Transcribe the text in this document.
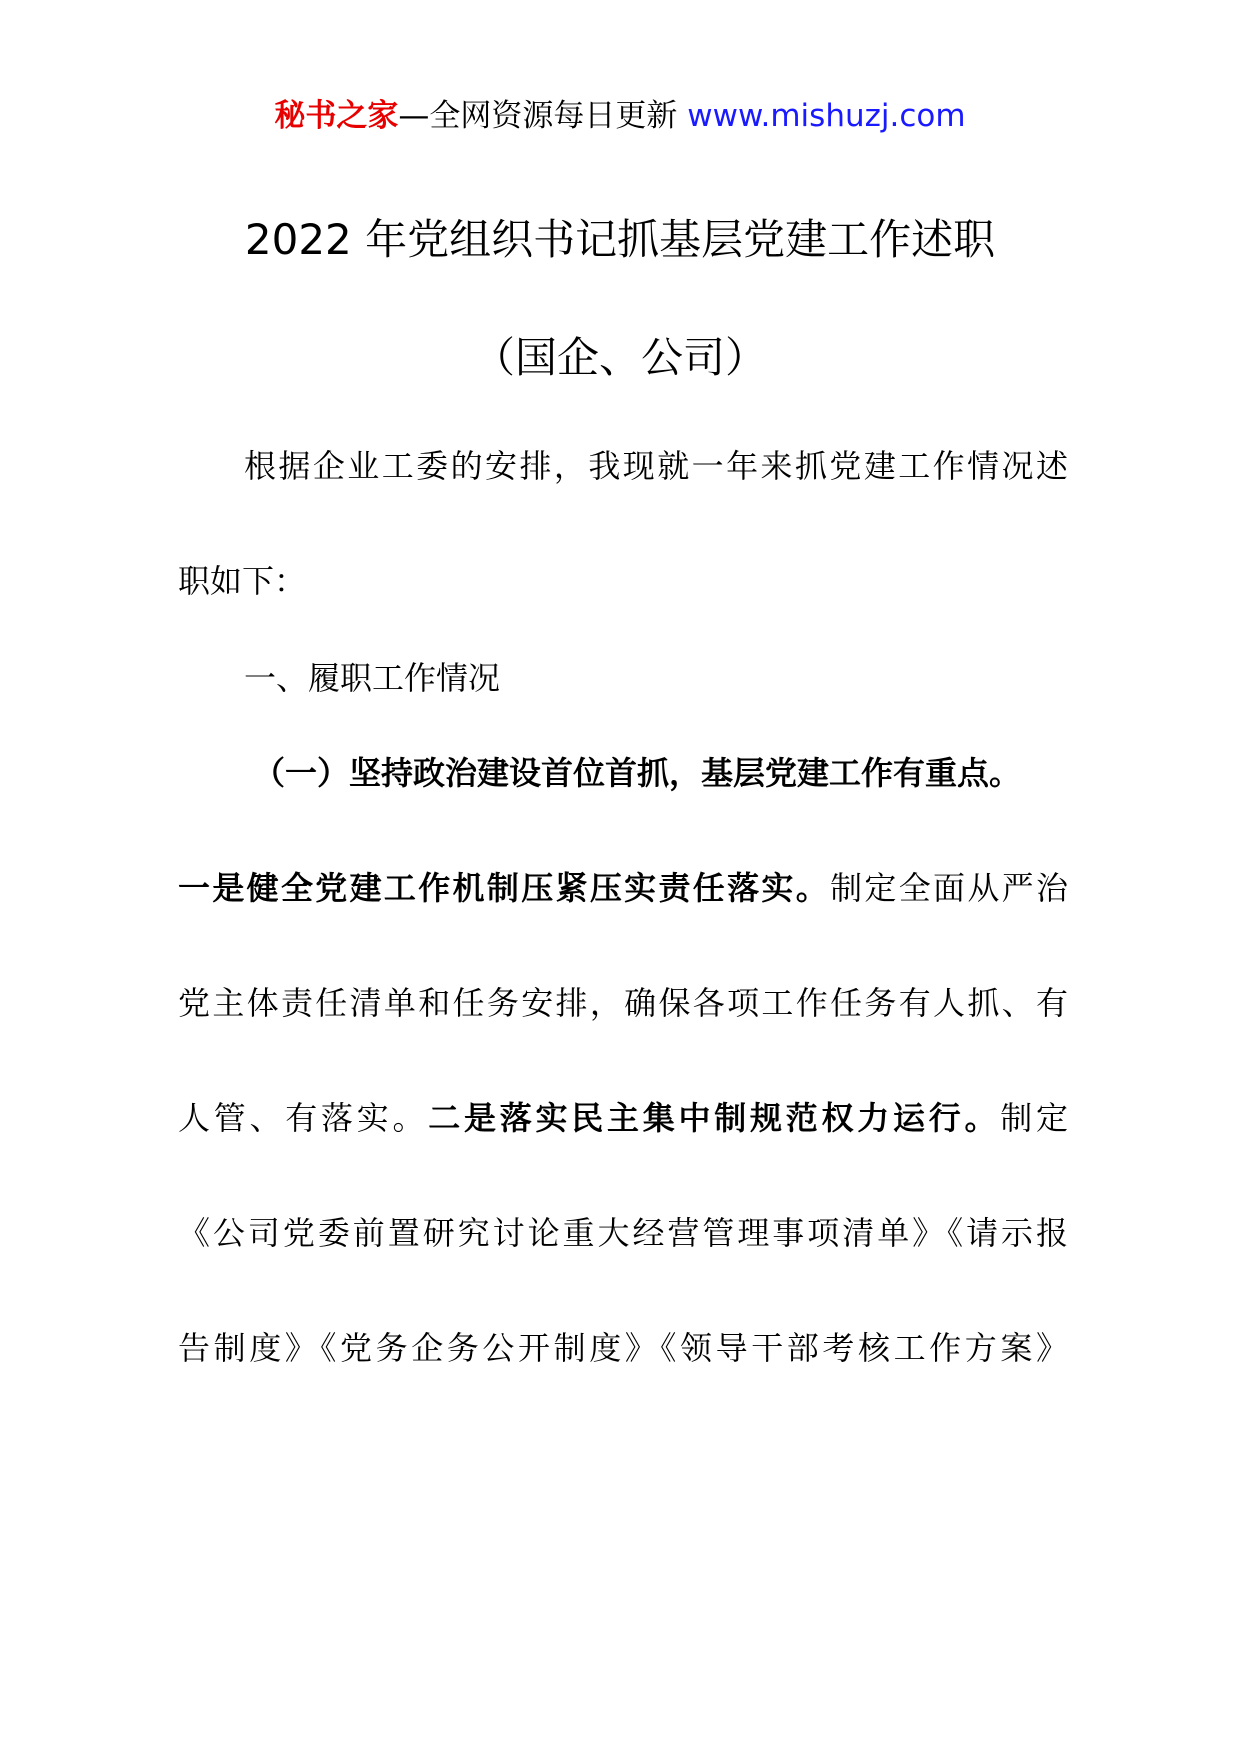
秘书之家—全网资源每日更新 www.mishuzj.com
2022 年党组织书记抓基层党建工作述职
（国企、公司）
根据企业工委的安排，我现就一年来抓党建工作情况述
职如下：
一、履职工作情况
（一）坚持政治建设首位首抓，基层党建工作有重点。
一是健全党建工作机制压紧压实责任落实。制定全面从严治
党主体责任清单和任务安排，确保各项工作任务有人抓、有
人管、有落实。二是落实民主集中制规范权力运行。制定
《公司党委前置研究讨论重大经营管理事项清单》《请示报
告制度》《党务企务公开制度》《领导干部考核工作方案》
